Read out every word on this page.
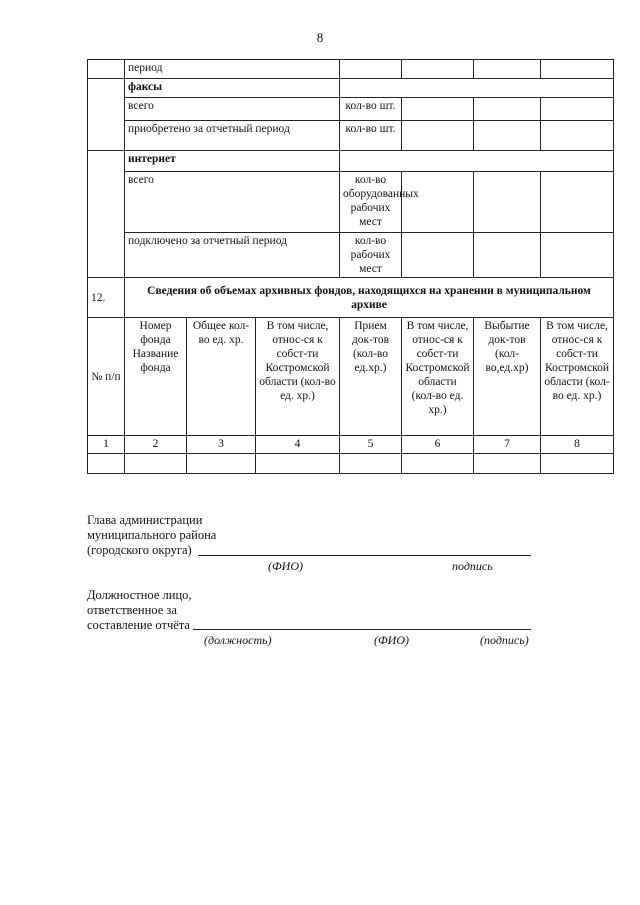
8
	период						
	факсы						
	всего			кол-во шт.			
	приобретено за отчетный период			кол-во шт.			
	интернет						
	всего			кол-во оборудованных рабочих мест			
	подключено за отчетный период			кол-во рабочих мест			
12.	Сведения об объемах архивных фондов, находящихся на хранении в муниципальном архиве						
№ п/п	Номер фонда Название фонда	Общее кол-во ед. хр.	В том числе, относ-ся к собст-ти Костромской области (кол-во ед. хр.)	Прием док-тов (кол-во ед.хр.)	В том числе, относ-ся к собст-ти Костромской области (кол-во ед. хр.)	Выбытие док-тов (кол-во,ед.хр)	В том числе, относ-ся к собст-ти Костромской области (кол-во ед. хр.)
1	2	3	4	5	6	7	8

Глава администрации муниципального района (городского округа)
(ФИО)	подпись
Должностное лицо, ответственное за составление отчёта
(должность)	(ФИО)	(подпись)
